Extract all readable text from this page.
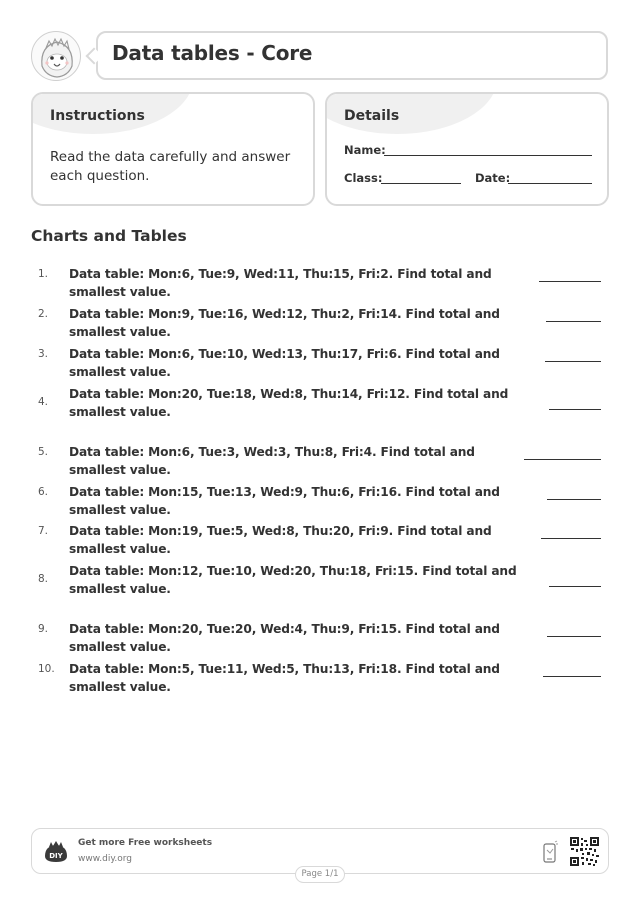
Data tables - Core
Instructions
Read the data carefully and answer each question.
Details
Name:
Class:	Date:
Charts and Tables
1. Data table: Mon:6, Tue:9, Wed:11, Thu:15, Fri:2. Find total and smallest value.
2. Data table: Mon:9, Tue:16, Wed:12, Thu:2, Fri:14. Find total and smallest value.
3. Data table: Mon:6, Tue:10, Wed:13, Thu:17, Fri:6. Find total and smallest value.
4.
Data table: Mon:20, Tue:18, Wed:8, Thu:14, Fri:12. Find total and smallest value.
5. Data table: Mon:6, Tue:3, Wed:3, Thu:8, Fri:4. Find total and smallest value.
6. Data table: Mon:15, Tue:13, Wed:9, Thu:6, Fri:16. Find total and smallest value.
7. Data table: Mon:19, Tue:5, Wed:8, Thu:20, Fri:9. Find total and smallest value.
8.
Data table: Mon:12, Tue:10, Wed:20, Thu:18, Fri:15. Find total and smallest value.
9. Data table: Mon:20, Tue:20, Wed:4, Thu:9, Fri:15. Find total and smallest value.
10. Data table: Mon:5, Tue:11, Wed:5, Thu:13, Fri:18. Find total and smallest value.
DIY
Get more Free worksheets
www.diy.org
Page 1/1
